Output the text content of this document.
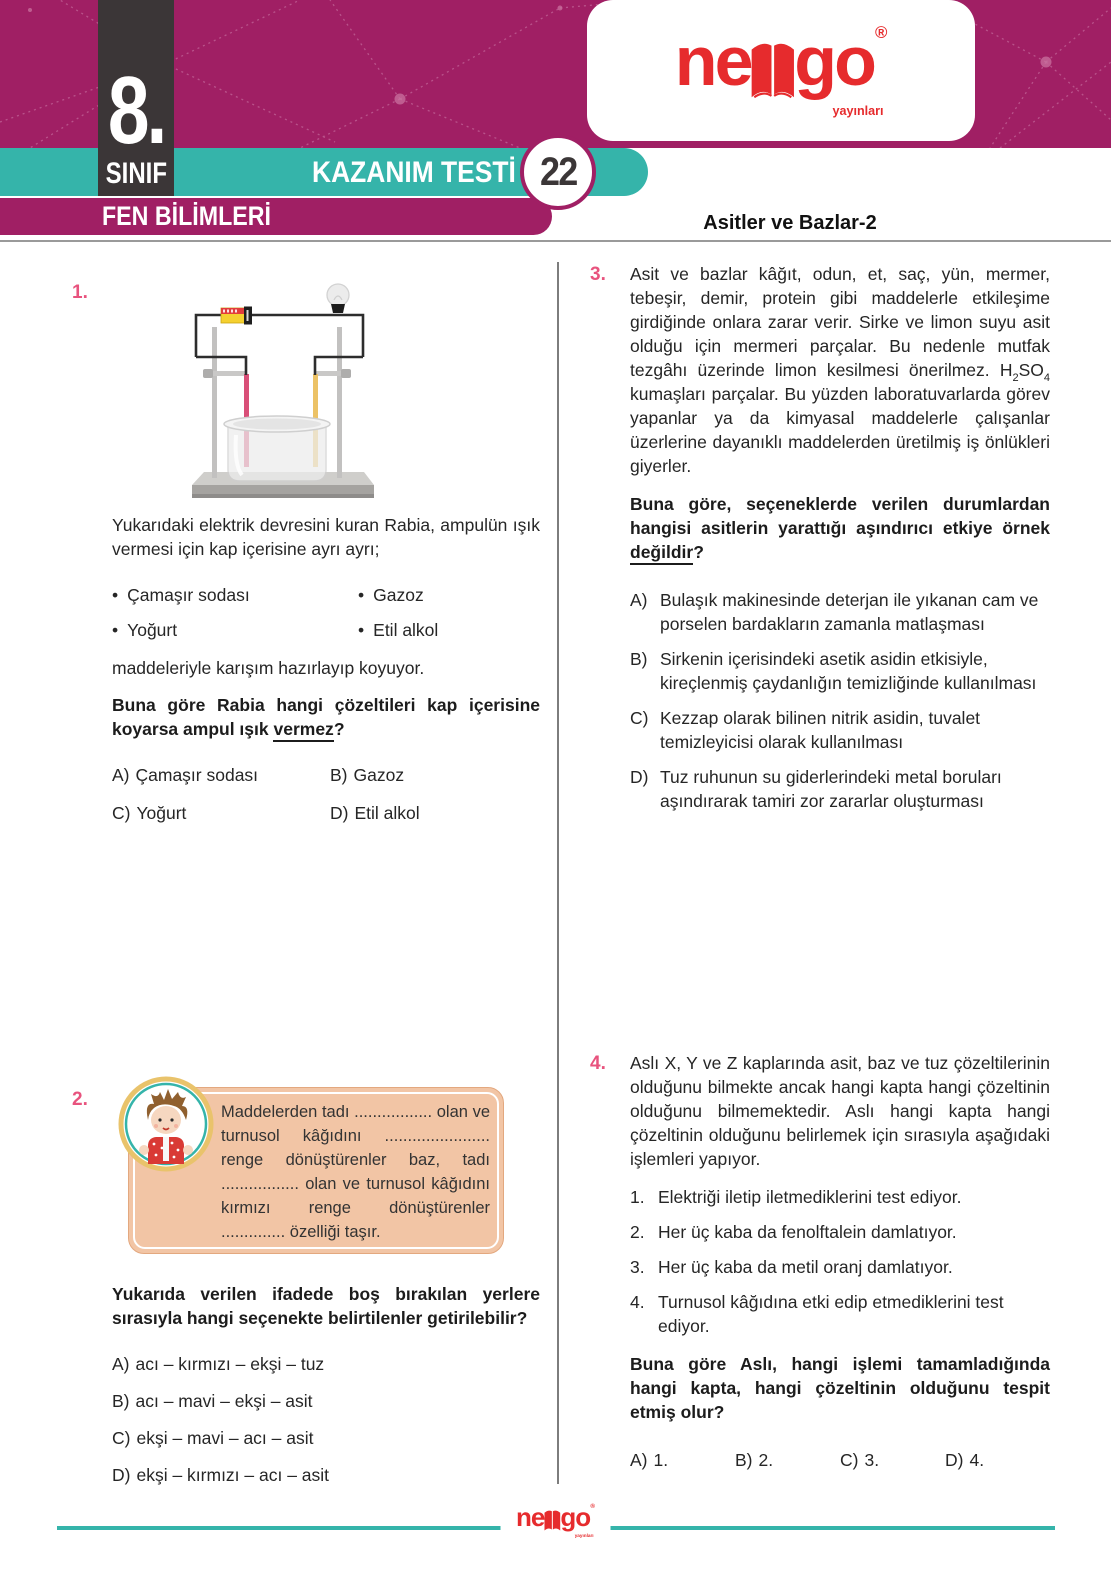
KAZANIM TESTİ
FEN BİLİMLERİ
8.
SINIF	22
ne go ®
yayınları
Asitler ve Bazlar-2
1.

Yukarıdaki elektrik devresini kuran Rabia, ampulün ışık vermesi için kap içerisine ayrı ayrı;

• Çamaşır sodası	• Gazoz
• Yoğurt	• Etil alkol

maddeleriyle karışım hazırlayıp koyuyor.

Buna göre Rabia hangi çözeltileri kap içerisine koyarsa ampul ışık vermez?

A) Çamaşır sodası	B) Gazoz
C) Yoğurt	D) Etil alkol
2.
Maddelerden tadı ................. olan ve turnusol kâğıdını ....................... renge dönüştürenler baz, tadı ................. olan ve turnusol kâğıdını kırmızı renge dönüştürenler .............. özelliği taşır.

Yukarıda verilen ifadede boş bırakılan yerlere sırasıyla hangi seçenekte belirtilenler getirilebilir?

A) acı – kırmızı – ekşi – tuz
B) acı – mavi – ekşi – asit
C) ekşi – mavi – acı – asit
D) ekşi – kırmızı – acı – asit
3. Asit ve bazlar kâğıt, odun, et, saç, yün, mermer, tebeşir, demir, protein gibi maddelerle etkileşime girdiğinde onlara zarar verir. Sirke ve limon suyu asit olduğu için mermeri parçalar. Bu nedenle mutfak tezgâhı üzerinde limon kesilmesi önerilmez. $H_2SO_4$ kumaşları parçalar. Bu yüzden laboratuvarlarda görev yapanlar ya da kimyasal maddelerle çalışanlar üzerlerine dayanıklı maddelerden üretilmiş iş önlükleri giyerler.

Buna göre, seçeneklerde verilen durumlardan hangisi asitlerin yarattığı aşındırıcı etkiye örnek değildir?

A) Bulaşık makinesinde deterjan ile yıkanan cam ve porselen bardakların zamanla matlaşması
B) Sirkenin içerisindeki asetik asidin etkisiyle, kireçlenmiş çaydanlığın temizliğinde kullanılması
C) Kezzap olarak bilinen nitrik asidin, tuvalet temizleyicisi olarak kullanılması
D) Tuz ruhunun su giderlerindeki metal boruları aşındırarak tamiri zor zararlar oluşturması
4. Aslı X, Y ve Z kaplarında asit, baz ve tuz çözeltilerinin olduğunu bilmekte ancak hangi kapta hangi çözeltinin olduğunu bilmemektedir. Aslı hangi kapta hangi çözeltinin olduğunu belirlemek için sırasıyla aşağıdaki işlemleri yapıyor.

1. Elektriği iletip iletmediklerini test ediyor.
2. Her üç kaba da fenolftalein damlatıyor.
3. Her üç kaba da metil oranj damlatıyor.
4. Turnusol kâğıdına etki edip etmediklerini test ediyor.

Buna göre Aslı, hangi işlemi tamamladığında hangi kapta, hangi çözeltinin olduğunu tespit etmiş olur?

A) 1.	B) 2.	C) 3.	D) 4.
ne go ®
yayınları
